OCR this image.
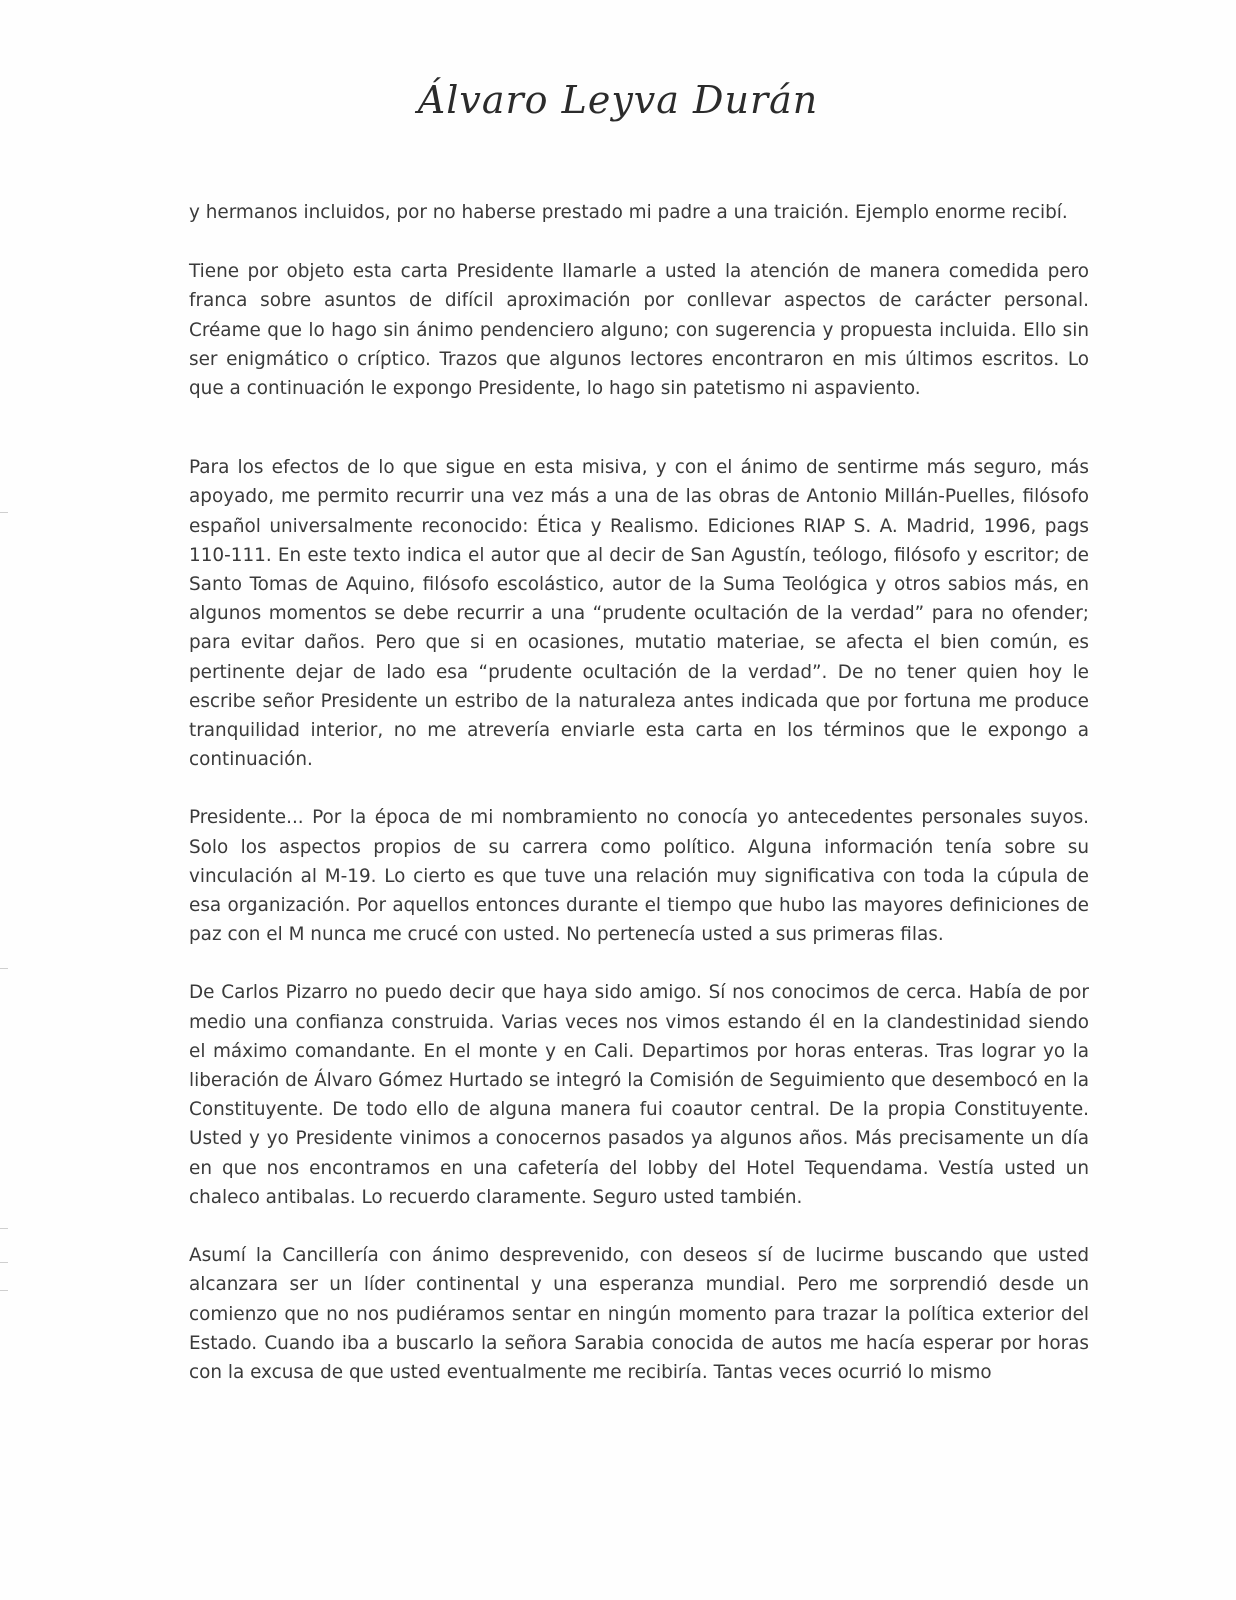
Álvaro Leyva Durán

y hermanos incluidos, por no haberse prestado mi padre a una traición. Ejemplo enorme recibí.

Tiene por objeto esta carta Presidente llamarle a usted la atención de manera comedida pero franca sobre asuntos de difícil aproximación por conllevar aspectos de carácter personal. Créame que lo hago sin ánimo pendenciero alguno; con sugerencia y propuesta incluida. Ello sin ser enigmático o críptico. Trazos que algunos lectores encontraron en mis últimos escritos. Lo que a continuación le expongo Presidente, lo hago sin patetismo ni aspaviento.

Para los efectos de lo que sigue en esta misiva, y con el ánimo de sentirme más seguro, más apoyado, me permito recurrir una vez más a una de las obras de Antonio Millán-Puelles, filósofo español universalmente reconocido: Ética y Realismo. Ediciones RIAP S. A. Madrid, 1996, pags 110-111. En este texto indica el autor que al decir de San Agustín, teólogo, filósofo y escritor; de Santo Tomas de Aquino, filósofo escolástico, autor de la Suma Teológica y otros sabios más, en algunos momentos se debe recurrir a una “prudente ocultación de la verdad” para no ofender; para evitar daños. Pero que si en ocasiones, mutatio materiae, se afecta el bien común, es pertinente dejar de lado esa “prudente ocultación de la verdad”. De no tener quien hoy le escribe señor Presidente un estribo de la naturaleza antes indicada que por fortuna me produce tranquilidad interior, no me atrevería enviarle esta carta en los términos que le expongo a continuación.

Presidente... Por la época de mi nombramiento no conocía yo antecedentes personales suyos. Solo los aspectos propios de su carrera como político. Alguna información tenía sobre su vinculación al M-19. Lo cierto es que tuve una relación muy significativa con toda la cúpula de esa organización. Por aquellos entonces durante el tiempo que hubo las mayores definiciones de paz con el M nunca me crucé con usted. No pertenecía usted a sus primeras filas.

De Carlos Pizarro no puedo decir que haya sido amigo. Sí nos conocimos de cerca. Había de por medio una confianza construida. Varias veces nos vimos estando él en la clandestinidad siendo el máximo comandante. En el monte y en Cali. Departimos por horas enteras. Tras lograr yo la liberación de Álvaro Gómez Hurtado se integró la Comisión de Seguimiento que desembocó en la Constituyente. De todo ello de alguna manera fui coautor central. De la propia Constituyente. Usted y yo Presidente vinimos a conocernos pasados ya algunos años. Más precisamente un día en que nos encontramos en una cafetería del lobby del Hotel Tequendama. Vestía usted un chaleco antibalas. Lo recuerdo claramente. Seguro usted también.

Asumí la Cancillería con ánimo desprevenido, con deseos sí de lucirme buscando que usted alcanzara ser un líder continental y una esperanza mundial. Pero me sorprendió desde un comienzo que no nos pudiéramos sentar en ningún momento para trazar la política exterior del Estado. Cuando iba a buscarlo la señora Sarabia conocida de autos me hacía esperar por horas con la excusa de que usted eventualmente me recibiría. Tantas veces ocurrió lo mismo
